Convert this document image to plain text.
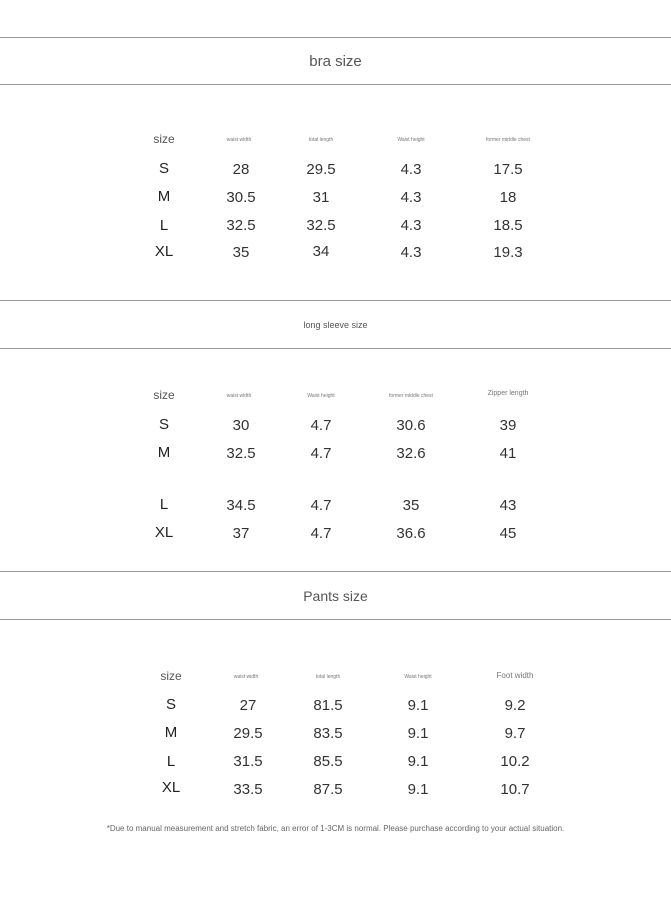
bra size
size	waist width	total length	Waist height	former middle chest
S	28	29.5	4.3	17.5
M	30.5	31	4.3	18
L	32.5	32.5	4.3	18.5
XL	35	34	4.3	19.3
long sleeve size
size	waist width	Waist height	former middle chest	Zipper length
S	30	4.7	30.6	39
M	32.5	4.7	32.6	41
L	34.5	4.7	35	43
XL	37	4.7	36.6	45
Pants size
size	waist width	total length	Waist height	Foot width
S	27	81.5	9.1	9.2
M	29.5	83.5	9.1	9.7
L	31.5	85.5	9.1	10.2
XL	33.5	87.5	9.1	10.7
*Due to manual measurement and stretch fabric, an error of 1-3CM is normal. Please purchase according to your actual situation.
